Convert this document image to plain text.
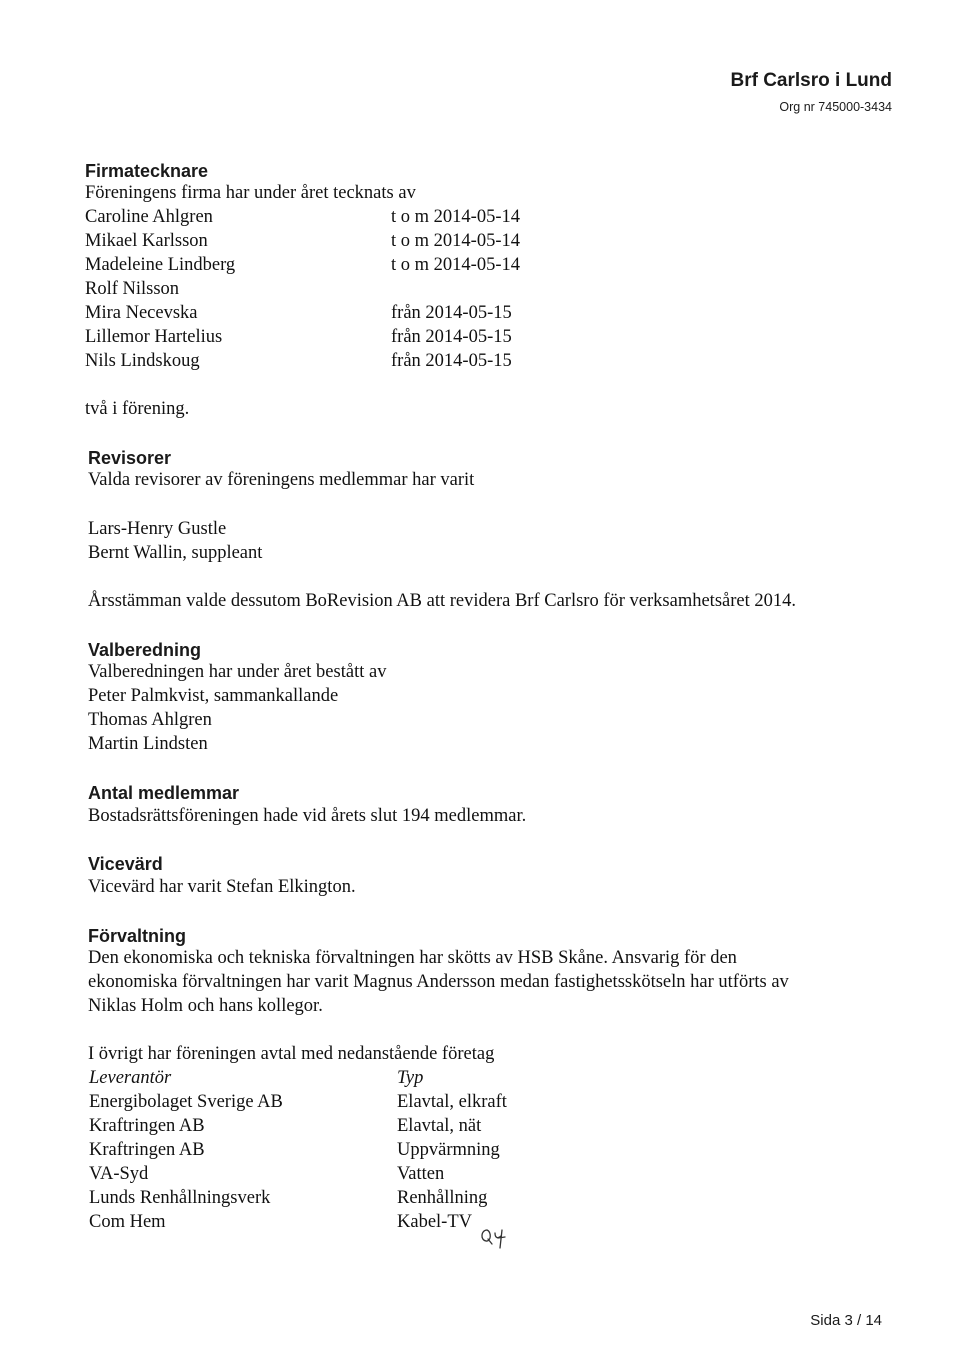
Brf Carlsro i Lund
Org nr 745000-3434
Firmatecknare
Föreningens firma har under året tecknats av
Caroline Ahlgren	t o m 2014-05-14
Mikael Karlsson	t o m 2014-05-14
Madeleine Lindberg	t o m 2014-05-14
Rolf Nilsson
Mira Necevska	från 2014-05-15
Lillemor Hartelius	från 2014-05-15
Nils Lindskoug	från 2014-05-15
två i förening.
Revisorer
Valda revisorer av föreningens medlemmar har varit
Lars-Henry Gustle
Bernt Wallin, suppleant
Årsstämman valde dessutom BoRevision AB att revidera Brf Carlsro för verksamhetsåret 2014.
Valberedning
Valberedningen har under året bestått av
Peter Palmkvist, sammankallande
Thomas Ahlgren
Martin Lindsten
Antal medlemmar
Bostadsrättsföreningen hade vid årets slut 194 medlemmar.
Vicevärd
Vicevärd har varit Stefan Elkington.
Förvaltning
Den ekonomiska och tekniska förvaltningen har skötts av HSB Skåne. Ansvarig för den
ekonomiska förvaltningen har varit Magnus Andersson medan fastighetsskötseln har utförts av
Niklas Holm och hans kollegor.
I övrigt har föreningen avtal med nedanstående företag
Leverantör	Typ
Energibolaget Sverige AB	Elavtal, elkraft
Kraftringen AB	Elavtal, nät
Kraftringen AB	Uppvärmning
VA-Syd	Vatten
Lunds Renhållningsverk	Renhållning
Com Hem	Kabel-TV
Sida 3 / 14
